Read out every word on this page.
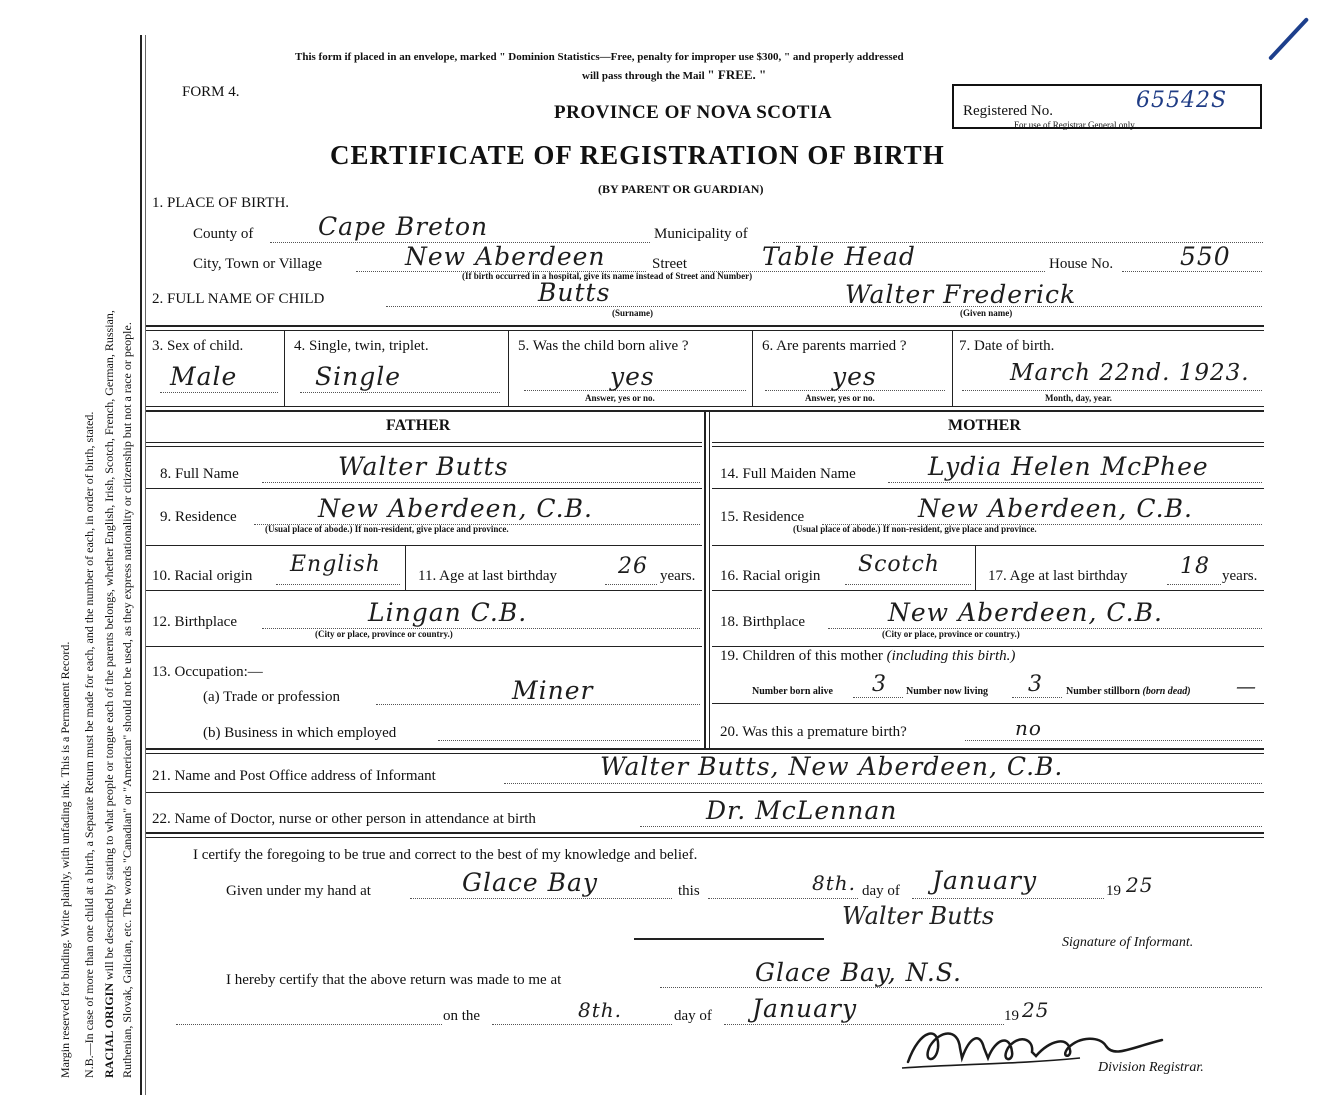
Margin reserved for binding. Write plainly, with unfading ink. This is a Permanent Record. N.B.—In case of more than one child at a birth, a Separate Return must be made for each, and the number of each, in order of birth, stated. RACIAL ORIGIN will be described by stating to what people or tongue each of the parents belongs, whether English, Irish, Scotch, French, German, Russian, Ruthenian, Slovak, Galician, etc. The words "Canadian" or "American" should not be used, as they express nationality or citizenship but not a race or people.
This form if placed in an envelope, marked " Dominion Statistics—Free, penalty for improper use $300, " and properly addressed
will pass through the Mail " FREE. "
FORM 4.
PROVINCE OF NOVA SCOTIA	Registered No.	65542S
For use of Registrar General only.
CERTIFICATE OF REGISTRATION OF BIRTH
(BY PARENT OR GUARDIAN)
1. PLACE OF BIRTH.
County of	Cape Breton	Municipality of
City, Town or Village	New Aberdeen
(If birth occurred in a hospital, give its name instead of Street and Number)
Street	Table Head	House No.	550
2. FULL NAME OF CHILD	Butts
(Surname)
Walter Frederick
(Given name)
3. Sex of child.
Male
4. Single, twin, triplet.
Single
5. Was the child born alive ?
yes
Answer, yes or no.
6. Are parents married ?
yes
Answer, yes or no.
7. Date of birth.
March 22nd. 1923.
Month, day, year.
FATHER	MOTHER
8. Full Name	Walter Butts
9. Residence	New Aberdeen, C.B.
(Usual place of abode.) If non-resident, give place and province.
10. Racial origin English 11. Age at last birthday	26 years.
12. Birthplace	Lingan C.B.
(City or place, province or country.)
13. Occupation:—
(a) Trade or profession	Miner
(b) Business in which employed
14. Full Maiden Name	Lydia Helen McPhee
15. Residence	New Aberdeen, C.B.
(Usual place of abode.) If non-resident, give place and province.
16. Racial origin Scotch	17. Age at last birthday 18 years.
18. Birthplace	New Aberdeen, C.B.
(City or place, province or country.)
19. Children of this mother (including this birth.)
Number born alive 3 Number now living 3 Number stillborn (born dead) —
20. Was this a premature birth?	no
21. Name and Post Office address of Informant	Walter Butts, New Aberdeen, C.B.
22. Name of Doctor, nurse or other person in attendance at birth	Dr. McLennan
I certify the foregoing to be true and correct to the best of my knowledge and belief.
Given under my hand at	Glace Bay	this	8th. day of January	19 25
Walter Butts
Signature of Informant.
I hereby certify that the above return was made to me at	Glace Bay, N.S.
on the	8th.	day of January	19 25
Division Registrar.
